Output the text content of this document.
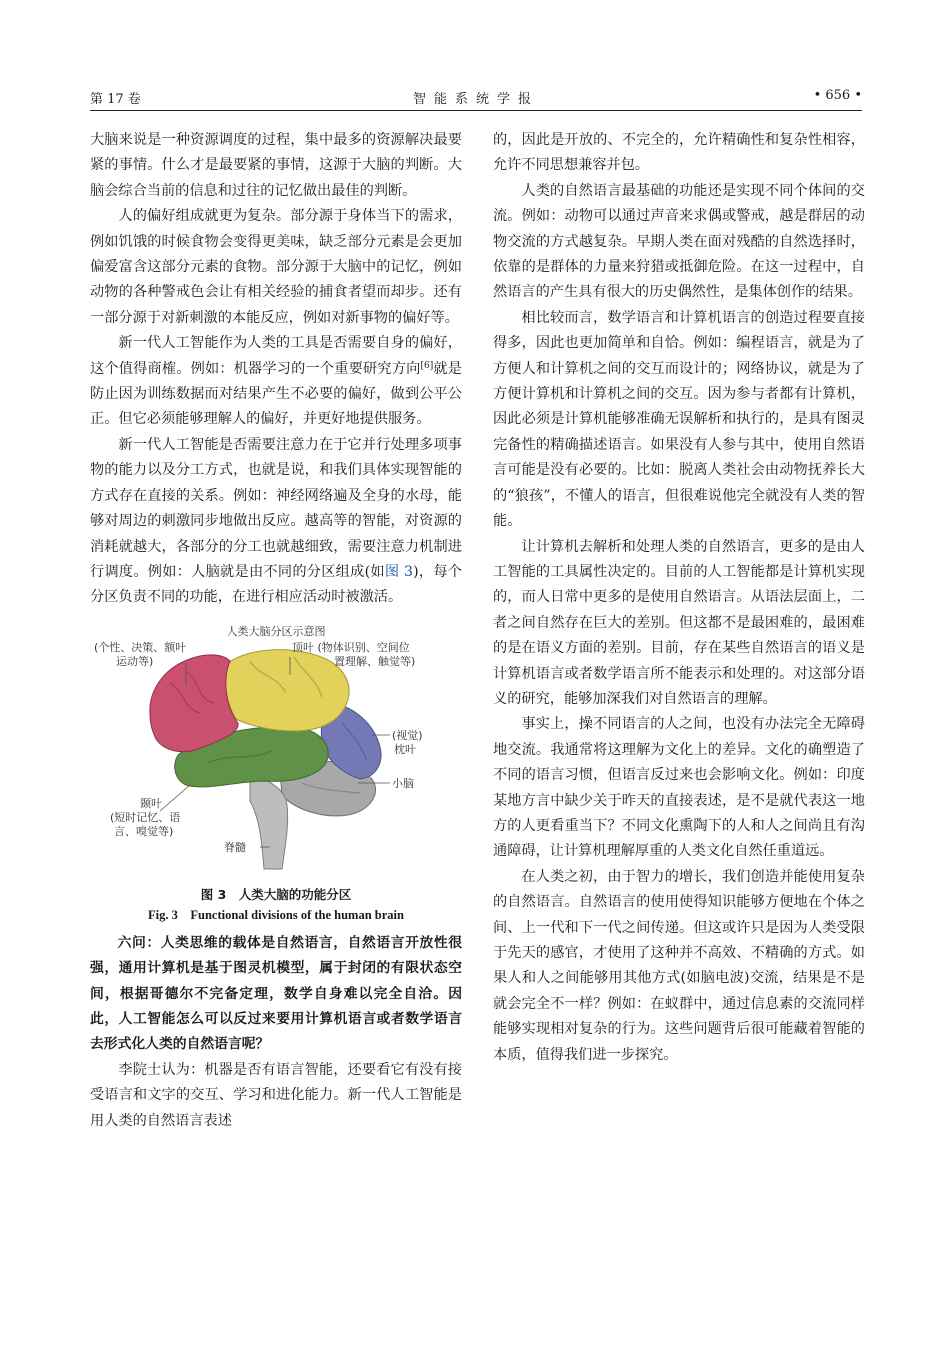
第 17 卷	智能系统学报	• 656 •

大脑来说是一种资源调度的过程，集中最多的资源解决最要紧的事情。什么才是最要紧的事情，这源于大脑的判断。大脑会综合当前的信息和过往的记忆做出最佳的判断。

人的偏好组成就更为复杂。部分源于身体当下的需求，例如饥饿的时候食物会变得更美味，缺乏部分元素是会更加偏爱富含这部分元素的食物。部分源于大脑中的记忆，例如动物的各种警戒色会让有相关经验的捕食者望而却步。还有一部分源于对新刺激的本能反应，例如对新事物的偏好等。

新一代人工智能作为人类的工具是否需要自身的偏好，这个值得商榷。例如：机器学习的一个重要研究方向[6]就是防止因为训练数据而对结果产生不必要的偏好，做到公平公正。但它必须能够理解人的偏好，并更好地提供服务。

新一代人工智能是否需要注意力在于它并行处理多项事物的能力以及分工方式，也就是说，和我们具体实现智能的方式存在直接的关系。例如：神经网络遍及全身的水母，能够对周边的刺激同步地做出反应。越高等的智能，对资源的消耗就越大，各部分的分工也就越细致，需要注意力机制进行调度。例如：人脑就是由不同的分区组成(如图 3)，每个分区负责不同的功能，在进行相应活动时被激活。

人类大脑分区示意图
(个性、决策、额叶
运动等)
顶叶 (物体识别、空间位
置理解、触觉等)
(视觉)
枕叶
小脑
颞叶
(短时记忆、语
言、嗅觉等)
脊髓
图 3　人类大脑的功能分区
Fig. 3　Functional divisions of the human brain

六问：人类思维的载体是自然语言，自然语言开放性很强，通用计算机是基于图灵机模型，属于封闭的有限状态空间，根据哥德尔不完备定理，数学自身难以完全自洽。因此，人工智能怎么可以反过来要用计算机语言或者数学语言去形式化人类的自然语言呢？

李院士认为：机器是否有语言智能，还要看它有没有接受语言和文字的交互、学习和进化能力。新一代人工智能是用人类的自然语言表述

的，因此是开放的、不完全的，允许精确性和复杂性相容，允许不同思想兼容并包。

人类的自然语言最基础的功能还是实现不同个体间的交流。例如：动物可以通过声音来求偶或警戒，越是群居的动物交流的方式越复杂。早期人类在面对残酷的自然选择时，依靠的是群体的力量来狩猎或抵御危险。在这一过程中，自然语言的产生具有很大的历史偶然性，是集体创作的结果。

相比较而言，数学语言和计算机语言的创造过程要直接得多，因此也更加简单和自恰。例如：编程语言，就是为了方便人和计算机之间的交互而设计的；网络协议，就是为了方便计算机和计算机之间的交互。因为参与者都有计算机，因此必须是计算机能够准确无误解析和执行的，是具有图灵完备性的精确描述语言。如果没有人参与其中，使用自然语言可能是没有必要的。比如：脱离人类社会由动物抚养长大的“狼孩”，不懂人的语言，但很难说他完全就没有人类的智能。

让计算机去解析和处理人类的自然语言，更多的是由人工智能的工具属性决定的。目前的人工智能都是计算机实现的，而人日常中更多的是使用自然语言。从语法层面上，二者之间自然存在巨大的差别。但这都不是最困难的，最困难的是在语义方面的差别。目前，存在某些自然语言的语义是计算机语言或者数学语言所不能表示和处理的。对这部分语义的研究，能够加深我们对自然语言的理解。

事实上，操不同语言的人之间，也没有办法完全无障碍地交流。我通常将这理解为文化上的差异。文化的确塑造了不同的语言习惯，但语言反过来也会影响文化。例如：印度某地方言中缺少关于昨天的直接表述，是不是就代表这一地方的人更看重当下？不同文化熏陶下的人和人之间尚且有沟通障碍，让计算机理解厚重的人类文化自然任重道远。

在人类之初，由于智力的增长，我们创造并能使用复杂的自然语言。自然语言的使用使得知识能够方便地在个体之间、上一代和下一代之间传递。但这或许只是因为人类受限于先天的感官，才使用了这种并不高效、不精确的方式。如果人和人之间能够用其他方式(如脑电波)交流，结果是不是就会完全不一样？例如：在蚁群中，通过信息素的交流同样能够实现相对复杂的行为。这些问题背后很可能藏着智能的本质，值得我们进一步探究。
